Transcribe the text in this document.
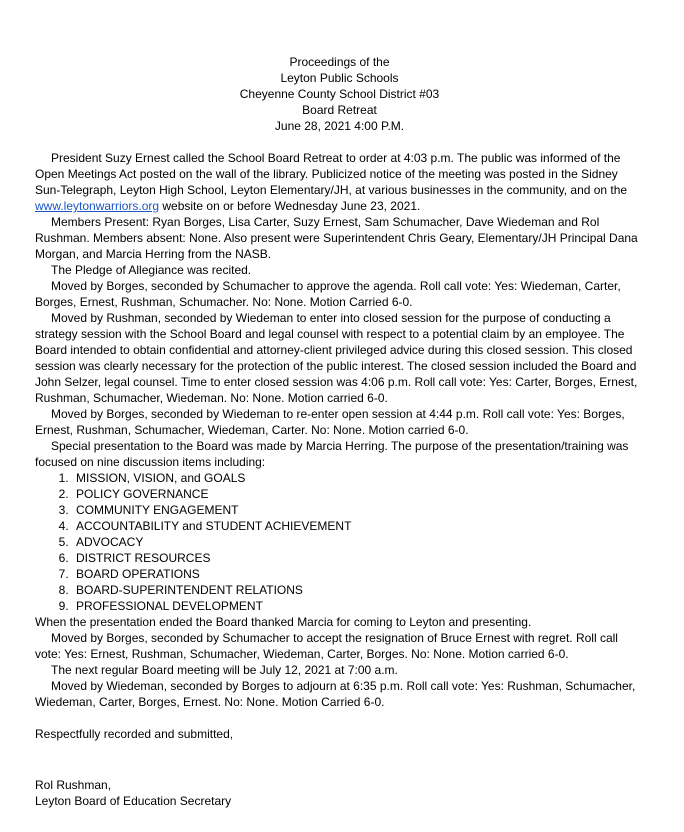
Proceedings of the
Leyton Public Schools
Cheyenne County School District #03
Board Retreat
June 28, 2021 4:00 P.M.

President Suzy Ernest called the School Board Retreat to order at 4:03 p.m. The public was informed of the Open Meetings Act posted on the wall of the library. Publicized notice of the meeting was posted in the Sidney Sun-Telegraph, Leyton High School, Leyton Elementary/JH, at various businesses in the community, and on the www.leytonwarriors.org website on or before Wednesday June 23, 2021.

Members Present: Ryan Borges, Lisa Carter, Suzy Ernest, Sam Schumacher, Dave Wiedeman and Rol Rushman. Members absent: None. Also present were Superintendent Chris Geary, Elementary/JH Principal Dana Morgan, and Marcia Herring from the NASB.

The Pledge of Allegiance was recited.

Moved by Borges, seconded by Schumacher to approve the agenda. Roll call vote: Yes: Wiedeman, Carter, Borges, Ernest, Rushman, Schumacher. No: None. Motion Carried 6-0.

Moved by Rushman, seconded by Wiedeman to enter into closed session for the purpose of conducting a strategy session with the School Board and legal counsel with respect to a potential claim by an employee. The Board intended to obtain confidential and attorney-client privileged advice during this closed session. This closed session was clearly necessary for the protection of the public interest. The closed session included the Board and John Selzer, legal counsel. Time to enter closed session was 4:06 p.m. Roll call vote: Yes: Carter, Borges, Ernest, Rushman, Schumacher, Wiedeman. No: None. Motion carried 6-0.

Moved by Borges, seconded by Wiedeman to re-enter open session at 4:44 p.m. Roll call vote: Yes: Borges, Ernest, Rushman, Schumacher, Wiedeman, Carter. No: None. Motion carried 6-0.

Special presentation to the Board was made by Marcia Herring. The purpose of the presentation/training was focused on nine discussion items including:

1. MISSION, VISION, and GOALS
2. POLICY GOVERNANCE
3. COMMUNITY ENGAGEMENT
4. ACCOUNTABILITY and STUDENT ACHIEVEMENT
5. ADVOCACY
6. DISTRICT RESOURCES
7. BOARD OPERATIONS
8. BOARD-SUPERINTENDENT RELATIONS
9. PROFESSIONAL DEVELOPMENT

When the presentation ended the Board thanked Marcia for coming to Leyton and presenting.

Moved by Borges, seconded by Schumacher to accept the resignation of Bruce Ernest with regret. Roll call vote: Yes: Ernest, Rushman, Schumacher, Wiedeman, Carter, Borges. No: None. Motion carried 6-0.

The next regular Board meeting will be July 12, 2021 at 7:00 a.m.

Moved by Wiedeman, seconded by Borges to adjourn at 6:35 p.m. Roll call vote: Yes: Rushman, Schumacher, Wiedeman, Carter, Borges, Ernest. No: None. Motion Carried 6-0.

Respectfully recorded and submitted,

Rol Rushman,
Leyton Board of Education Secretary
